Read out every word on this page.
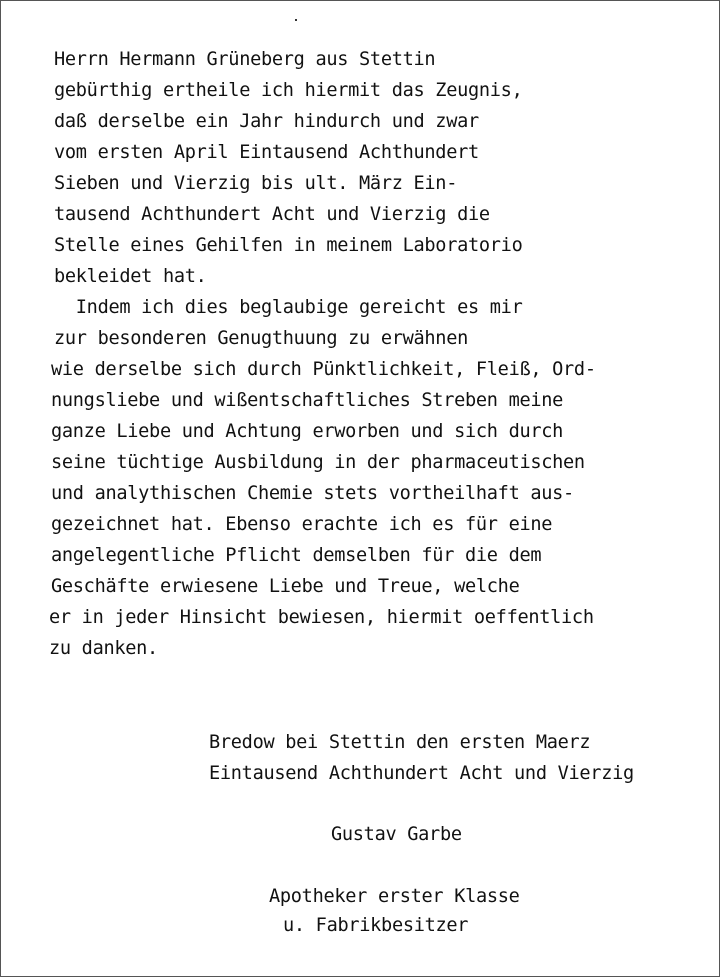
Herrn Hermann Grüneberg aus Stettin

gebürthig ertheile ich hiermit das Zeugnis,

daß derselbe ein Jahr hindurch und zwar

vom ersten April Eintausend Achthundert

Sieben und Vierzig bis ult. März Ein-

tausend Achthundert Acht und Vierzig die

Stelle eines Gehilfen in meinem Laboratorio

bekleidet hat.

Indem ich dies beglaubige gereicht es mir

zur besonderen Genugthuung zu erwähnen

wie derselbe sich durch Pünktlichkeit, Fleiß, Ord-

nungsliebe und wißentschaftliches Streben meine

ganze Liebe und Achtung erworben und sich durch

seine tüchtige Ausbildung in der pharmaceutischen

und analythischen Chemie stets vortheilhaft aus-

gezeichnet hat. Ebenso erachte ich es für eine

angelegentliche Pflicht demselben für die dem

Geschäfte erwiesene Liebe und Treue, welche

er in jeder Hinsicht bewiesen, hiermit oeffentlich

zu danken.

Bredow bei Stettin den ersten Maerz

Eintausend Achthundert Acht und Vierzig

Gustav Garbe

Apotheker erster Klasse

u. Fabrikbesitzer
